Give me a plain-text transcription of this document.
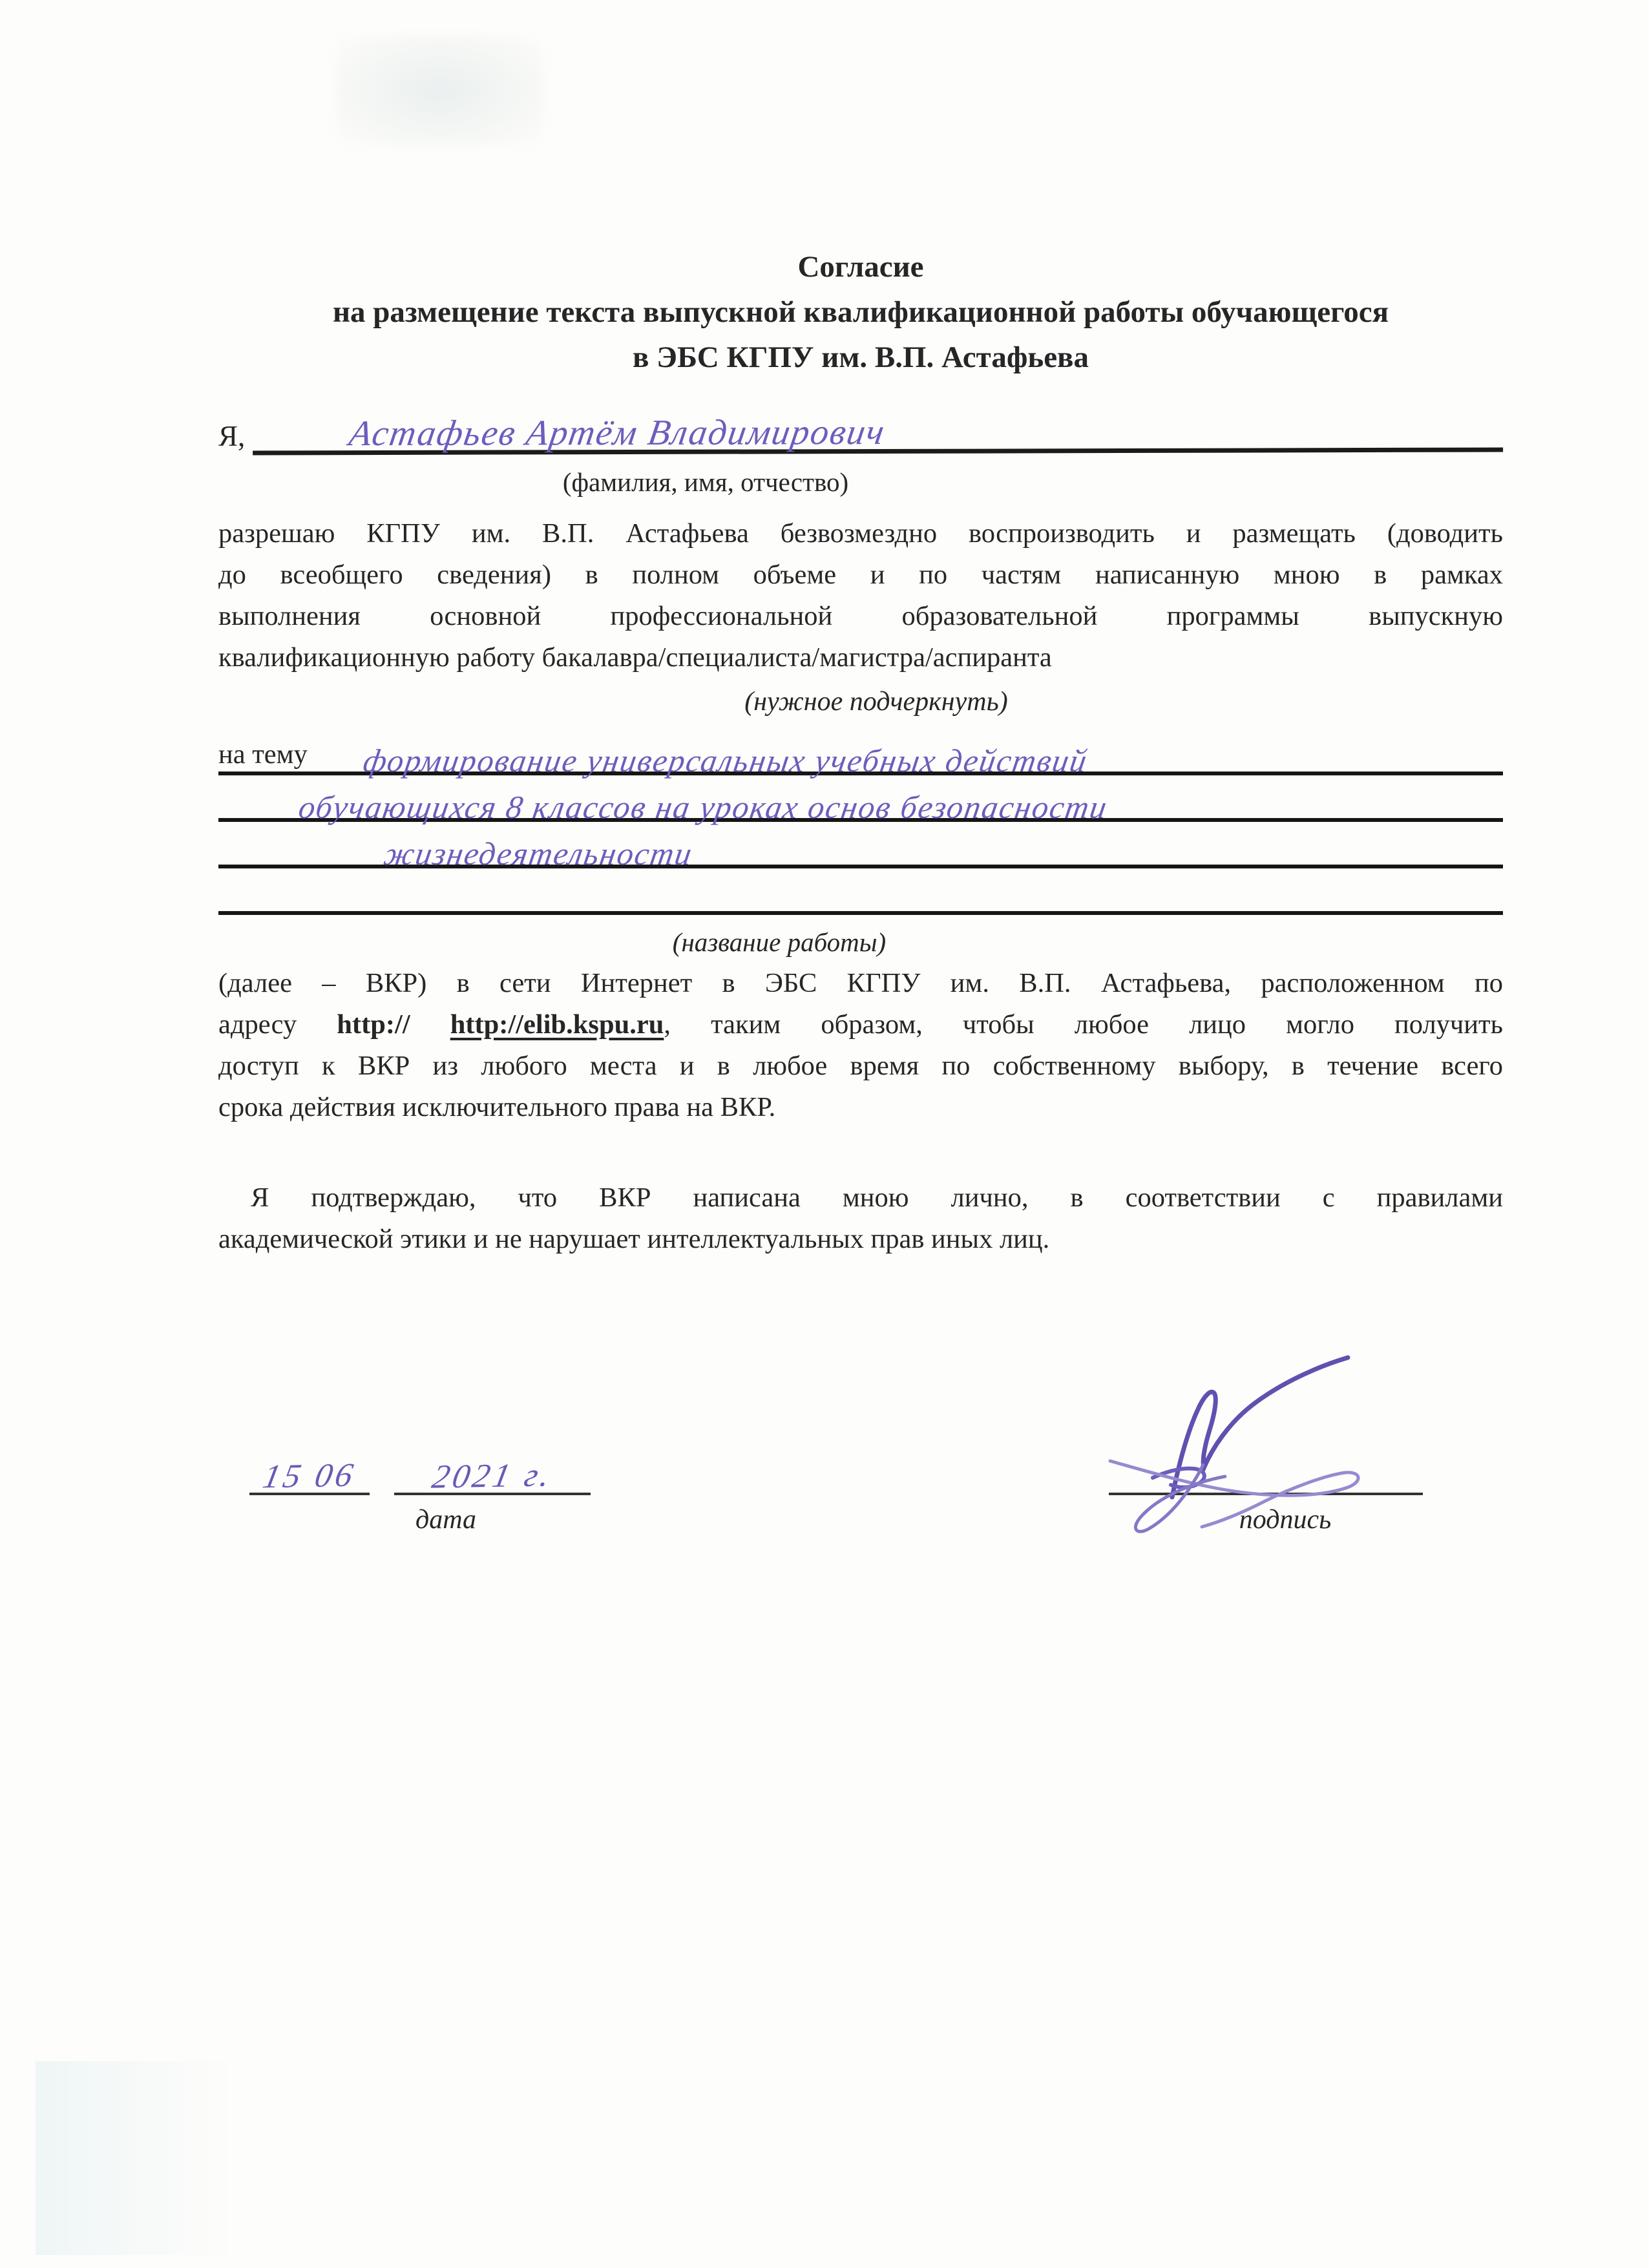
Согласие
на размещение текста выпускной квалификационной работы обучающегося
в ЭБС КГПУ им. В.П. Астафьева
Я,	Астафьев Артём Владимирович
(фамилия, имя, отчество)
разрешаю КГПУ им. В.П. Астафьева безвозмездно воспроизводить и размещать (доводить
до всеобщего сведения) в полном объеме и по частям написанную мною в рамках
выполнения основной профессиональной образовательной программы выпускную
квалификационную работу бакалавра/специалиста/магистра/аспиранта
(нужное подчеркнуть)
на тему формирование универсальных учебных действий
обучающихся 8 классов на уроках основ безопасности
жизнедеятельности
(название работы)
(далее – ВКР) в сети Интернет в ЭБС КГПУ им. В.П. Астафьева, расположенном по
адресу http:// http://elib.kspu.ru, таким образом, чтобы любое лицо могло получить
доступ к ВКР из любого места и в любое время по собственному выбору, в течение всего
срока действия исключительного права на ВКР.
Я подтверждаю, что ВКР написана мною лично, в соответствии с правилами
академической этики и не нарушает интеллектуальных прав иных лиц.
15 06 2021 г.
дата	подпись
